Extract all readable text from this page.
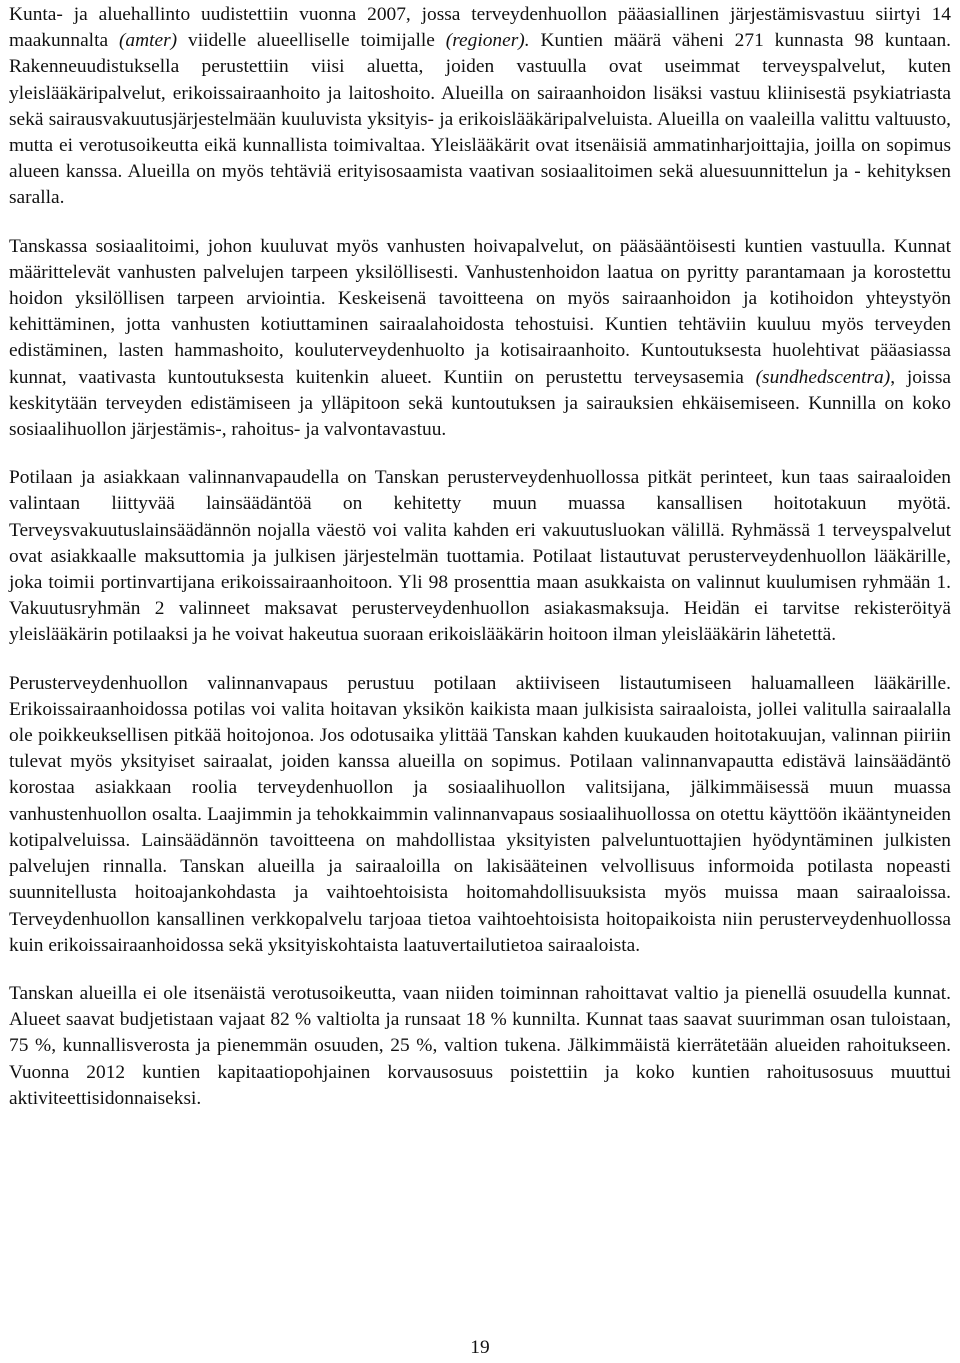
Kunta- ja aluehallinto uudistettiin vuonna 2007, jossa terveydenhuollon pääasiallinen järjestämisvastuu siirtyi 14 maakunnalta (amter) viidelle alueelliselle toimijalle (regioner). Kuntien määrä väheni 271 kunnasta 98 kuntaan. Rakenneuudistuksella perustettiin viisi aluetta, joiden vastuulla ovat useimmat terveyspalvelut, kuten yleislääkäripalvelut, erikoissairaanhoito ja laitoshoito. Alueilla on sairaanhoidon lisäksi vastuu kliinisestä psykiatriasta sekä sairausvakuutusjärjestelmään kuuluvista yksityis- ja erikoislääkäripalveluista. Alueilla on vaaleilla valittu valtuusto, mutta ei verotusoikeutta eikä kunnallista toimivaltaa. Yleislääkärit ovat itsenäisiä ammatinharjoittajia, joilla on sopimus alueen kanssa. Alueilla on myös tehtäviä erityisosaamista vaativan sosiaalitoimen sekä aluesuunnittelun ja - kehityksen saralla.

Tanskassa sosiaalitoimi, johon kuuluvat myös vanhusten hoivapalvelut, on pääsääntöisesti kuntien vastuulla. Kunnat määrittelevät vanhusten palvelujen tarpeen yksilöllisesti. Vanhustenhoidon laatua on pyritty parantamaan ja korostettu hoidon yksilöllisen tarpeen arviointia. Keskeisenä tavoitteena on myös sairaanhoidon ja kotihoidon yhteystyön kehittäminen, jotta vanhusten kotiuttaminen sairaalahoidosta tehostuisi. Kuntien tehtäviin kuuluu myös terveyden edistäminen, lasten hammashoito, kouluterveydenhuolto ja kotisairaanhoito. Kuntoutuksesta huolehtivat pääasiassa kunnat, vaativasta kuntoutuksesta kuitenkin alueet. Kuntiin on perustettu terveysasemia (sundhedscentra), joissa keskitytään terveyden edistämiseen ja ylläpitoon sekä kuntoutuksen ja sairauksien ehkäisemiseen. Kunnilla on koko sosiaalihuollon järjestämis-, rahoitus- ja valvontavastuu.

Potilaan ja asiakkaan valinnanvapaudella on Tanskan perusterveydenhuollossa pitkät perinteet, kun taas sairaaloiden valintaan liittyvää lainsäädäntöä on kehitetty muun muassa kansallisen hoitotakuun myötä. Terveysvakuutuslainsäädännön nojalla väestö voi valita kahden eri vakuutusluokan välillä. Ryhmässä 1 terveyspalvelut ovat asiakkaalle maksuttomia ja julkisen järjestelmän tuottamia. Potilaat listautuvat perusterveydenhuollon lääkärille, joka toimii portinvartijana erikoissairaanhoitoon. Yli 98 prosenttia maan asukkaista on valinnut kuulumisen ryhmään 1. Vakuutusryhmän 2 valinneet maksavat perusterveydenhuollon asiakasmaksuja. Heidän ei tarvitse rekisteröityä yleislääkärin potilaaksi ja he voivat hakeutua suoraan erikoislääkärin hoitoon ilman yleislääkärin lähetettä.

Perusterveydenhuollon valinnanvapaus perustuu potilaan aktiiviseen listautumiseen haluamalleen lääkärille. Erikoissairaanhoidossa potilas voi valita hoitavan yksikön kaikista maan julkisista sairaaloista, jollei valitulla sairaalalla ole poikkeuksellisen pitkää hoitojonoa. Jos odotusaika ylittää Tanskan kahden kuukauden hoitotakuujan, valinnan piiriin tulevat myös yksityiset sairaalat, joiden kanssa alueilla on sopimus. Potilaan valinnanvapautta edistävä lainsäädäntö korostaa asiakkaan roolia terveydenhuollon ja sosiaalihuollon valitsijana, jälkimmäisessä muun muassa vanhustenhuollon osalta. Laajimmin ja tehokkaimmin valinnanvapaus sosiaalihuollossa on otettu käyttöön ikääntyneiden kotipalveluissa. Lainsäädännön tavoitteena on mahdollistaa yksityisten palveluntuottajien hyödyntäminen julkisten palvelujen rinnalla. Tanskan alueilla ja sairaaloilla on lakisääteinen velvollisuus informoida potilasta nopeasti suunnitellusta hoitoajankohdasta ja vaihtoehtoisista hoitomahdollisuuksista myös muissa maan sairaaloissa. Terveydenhuollon kansallinen verkkopalvelu tarjoaa tietoa vaihtoehtoisista hoitopaikoista niin perusterveydenhuollossa kuin erikoissairaanhoidossa sekä yksityiskohtaista laatuvertailutietoa sairaaloista.

Tanskan alueilla ei ole itsenäistä verotusoikeutta, vaan niiden toiminnan rahoittavat valtio ja pienellä osuudella kunnat. Alueet saavat budjetistaan vajaat 82 % valtiolta ja runsaat 18 % kunnilta. Kunnat taas saavat suurimman osan tuloistaan, 75 %, kunnallisverosta ja pienemmän osuuden, 25 %, valtion tukena. Jälkimmäistä kierrätetään alueiden rahoitukseen. Vuonna 2012 kuntien kapitaatiopohjainen korvausosuus poistettiin ja koko kuntien rahoitusosuus muuttui aktiviteettisidonnaiseksi.

19
